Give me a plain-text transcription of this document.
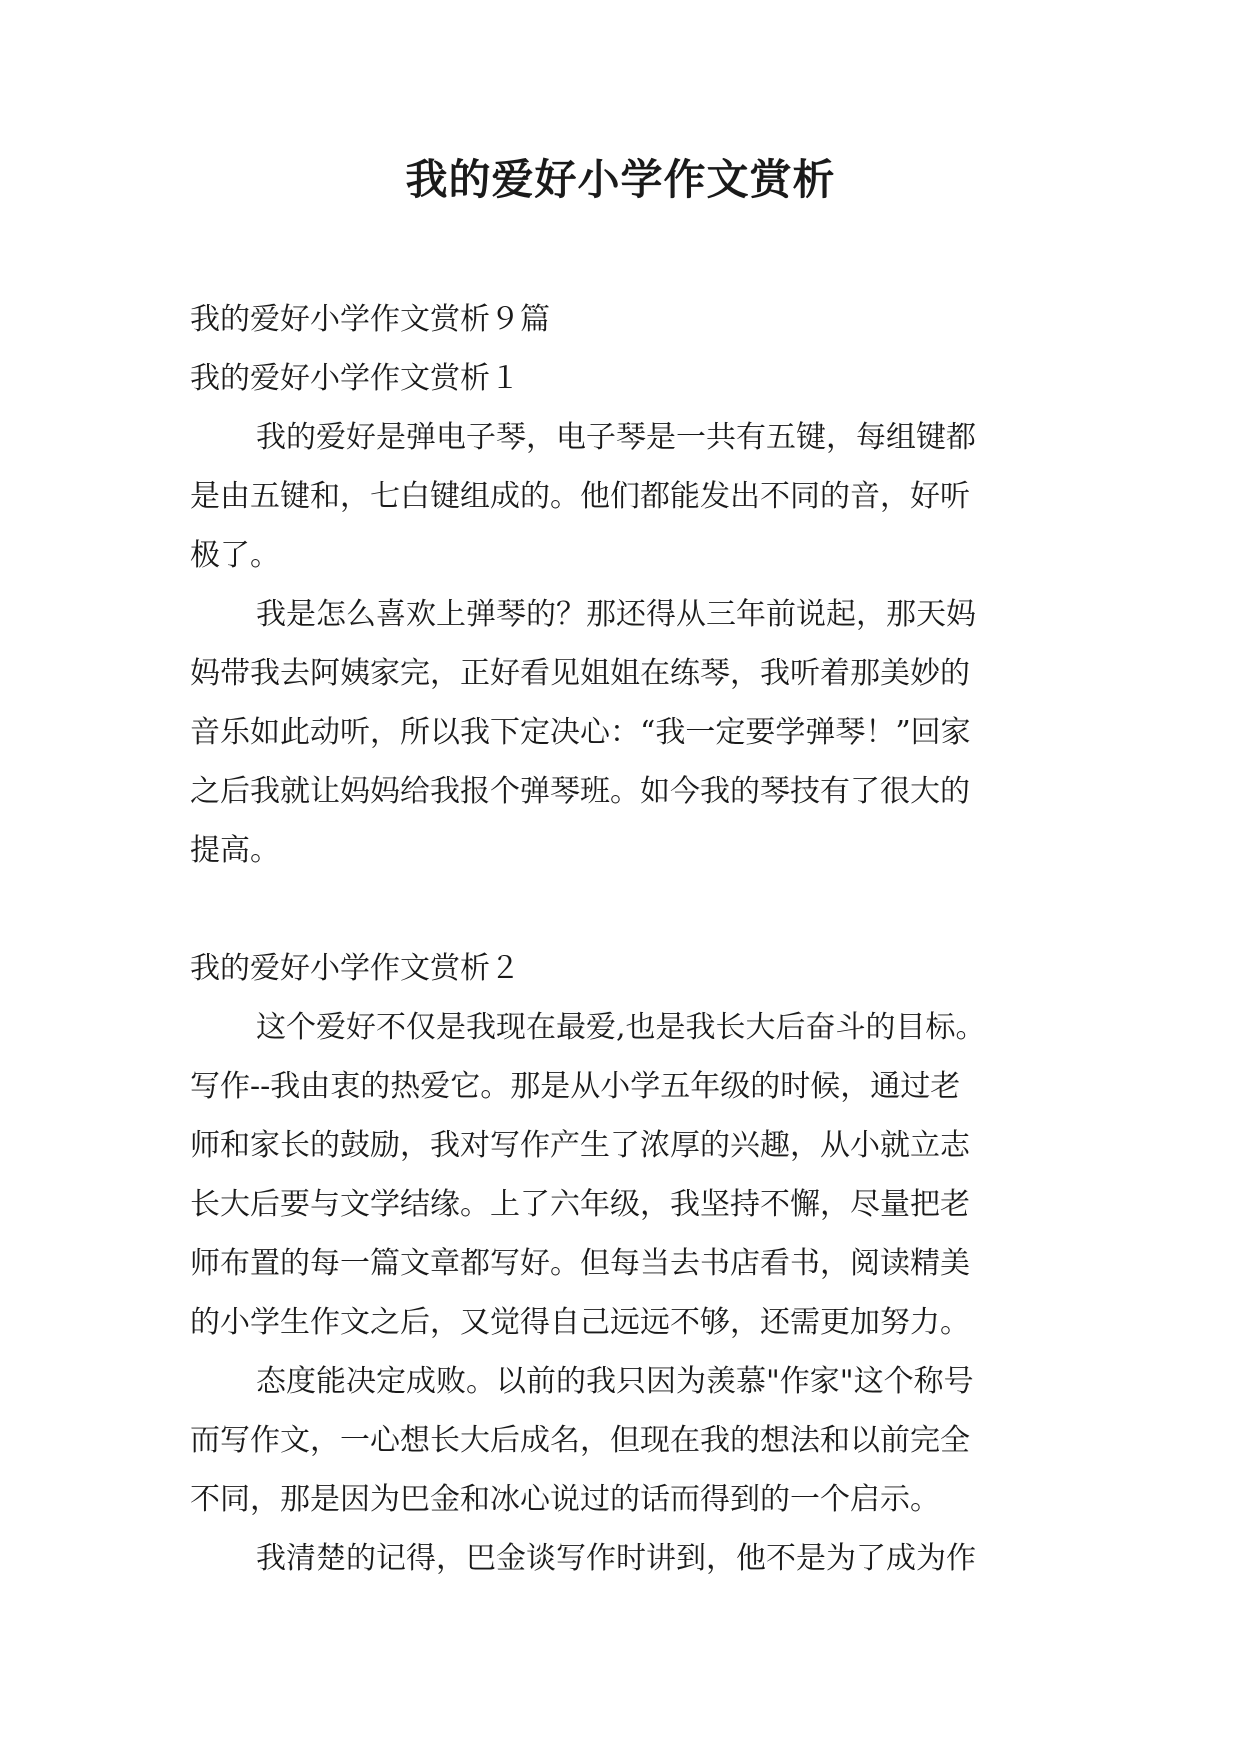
我的爱好小学作文赏析
我的爱好小学作文赏析９篇
我的爱好小学作文赏析１
我的爱好是弹电子琴，电子琴是一共有五键，每组键都
是由五键和，七白键组成的。他们都能发出不同的音，好听
极了。
我是怎么喜欢上弹琴的？那还得从三年前说起，那天妈
妈带我去阿姨家完，正好看见姐姐在练琴，我听着那美妙的
音乐如此动听，所以我下定决心：“我一定要学弹琴！”回家
之后我就让妈妈给我报个弹琴班。如今我的琴技有了很大的
提高。
我的爱好小学作文赏析２
这个爱好不仅是我现在最爱,也是我长大后奋斗的目标。
写作--我由衷的热爱它。那是从小学五年级的时候，通过老
师和家长的鼓励，我对写作产生了浓厚的兴趣，从小就立志
长大后要与文学结缘。上了六年级，我坚持不懈，尽量把老
师布置的每一篇文章都写好。但每当去书店看书，阅读精美
的小学生作文之后，又觉得自己远远不够，还需更加努力。
态度能决定成败。以前的我只因为羡慕"作家"这个称号
而写作文，一心想长大后成名，但现在我的想法和以前完全
不同，那是因为巴金和冰心说过的话而得到的一个启示。
我清楚的记得，巴金谈写作时讲到，他不是为了成为作
